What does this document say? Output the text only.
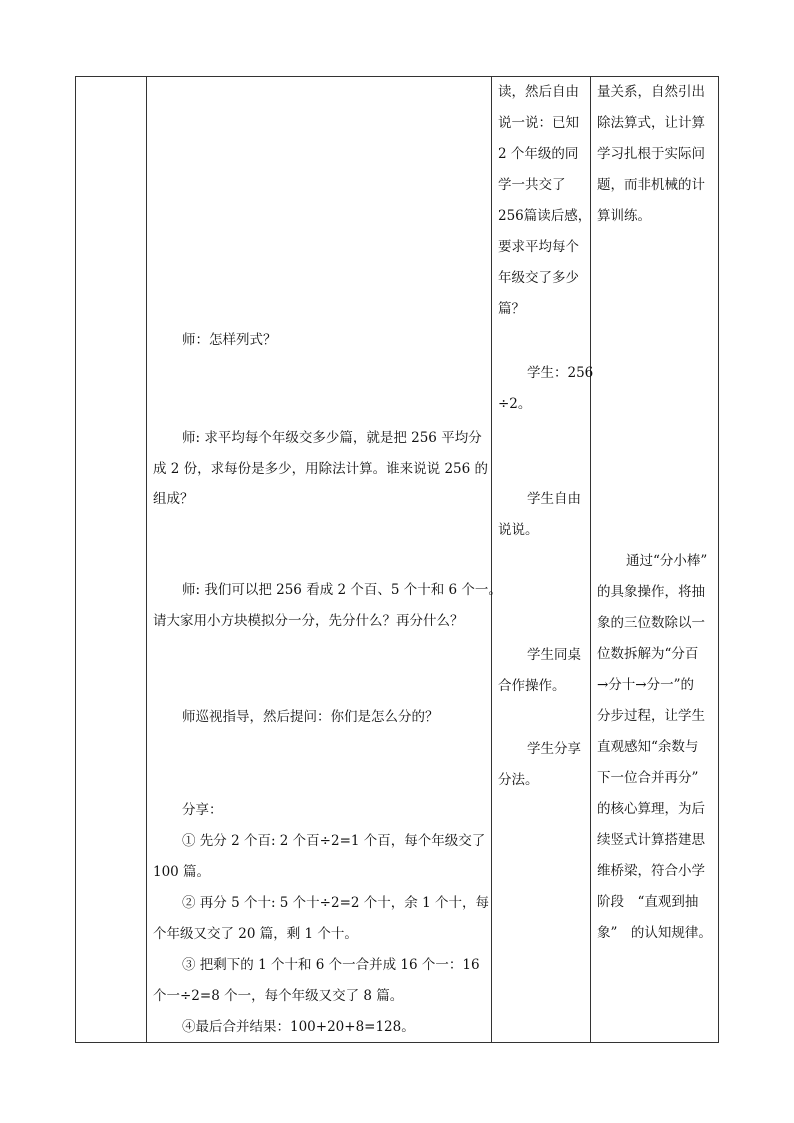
师：怎样列式？
师: 求平均每个年级交多少篇，就是把 256 平均分
成 2 份，求每份是多少，用除法计算。谁来说说 256 的
组成？
师: 我们可以把 256 看成 2 个百、5 个十和 6 个一。
请大家用小方块模拟分一分，先分什么？再分什么？
师巡视指导，然后提问：你们是怎么分的？
分享：
① 先分 2 个百: 2 个百÷2=1 个百，每个年级交了
100 篇。
② 再分 5 个十: 5 个十÷2=2 个十，余 1 个十，每
个年级又交了 20 篇，剩 1 个十。
③ 把剩下的 1 个十和 6 个一合并成 16 个一：16
个一÷2=8 个一，每个年级又交了 8 篇。
④最后合并结果：100+20+8=128。
读，然后自由
说一说：已知
2 个年级的同
学一共交了
256篇读后感，
要求平均每个
年级交了多少
篇？
学生：256
÷2。
学生自由
说说。
学生同桌
合作操作。
学生分享
分法。
量关系，自然引出
除法算式，让计算
学习扎根于实际问
题，而非机械的计
算训练。
通过“分小棒”
的具象操作，将抽
象的三位数除以一
位数拆解为“分百
→分十→分一”的
分步过程，让学生
直观感知“余数与
下一位合并再分”
的核心算理，为后
续竖式计算搭建思
维桥梁，符合小学
阶段　“直观到抽
象”　的认知规律。
